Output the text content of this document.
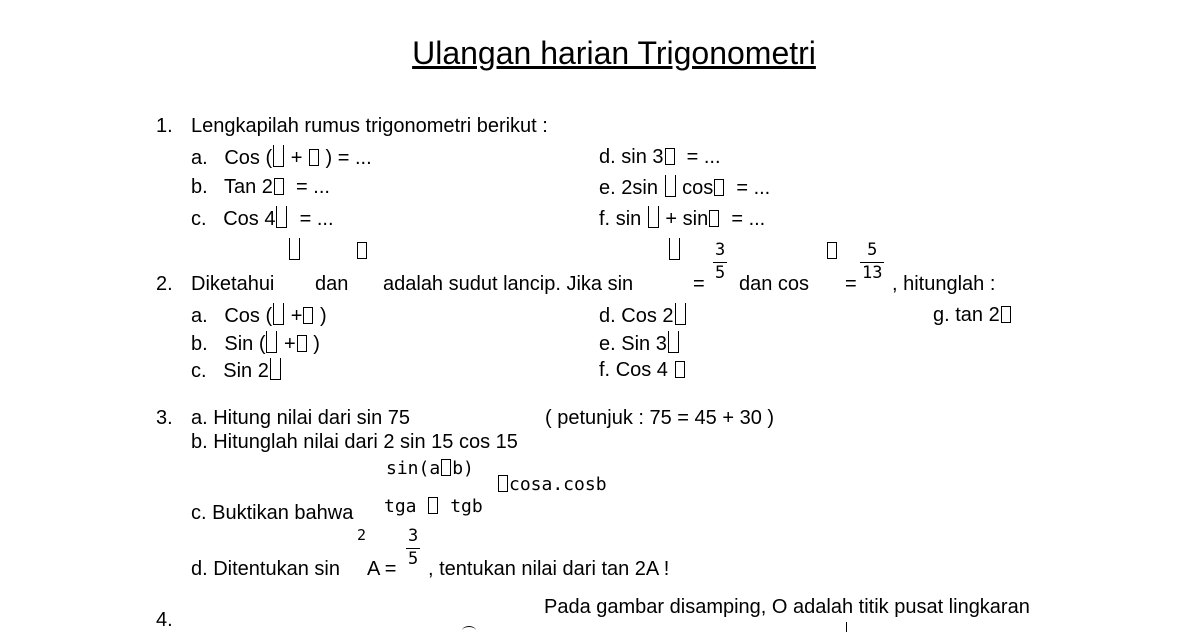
Ulangan harian Trigonometri
1. Lengkapilah rumus trigonometri berikut :
a. Cos ( + ) = ...
b. Tan 2  = ...
c. Cos 4  = ...
d. sin 3  = ...
e. 2sin cos  = ...
f. sin + sin  = ...
2. Diketahui dan adalah sudut lancip. Jika sin	=
3
5 dan cos =
5
13 , hitunglah :
a. Cos ( + )
b. Sin ( + )
c. Sin 2
d. Cos 2
e. Sin 3
f. Cos 4
g. tan 2
3. a. Hitung nilai dari sin 75	( petunjuk : 75 = 45 + 30 )
b. Hitunglah nilai dari 2 sin 15 cos 15
sin(a b)
cosa.cosb
c. Buktikan bahwa tga tgb
2
d. Ditentukan sin A =
3
5 , tentukan nilai dari tan 2A !
4.
Pada gambar disamping, O adalah titik pusat lingkaran
